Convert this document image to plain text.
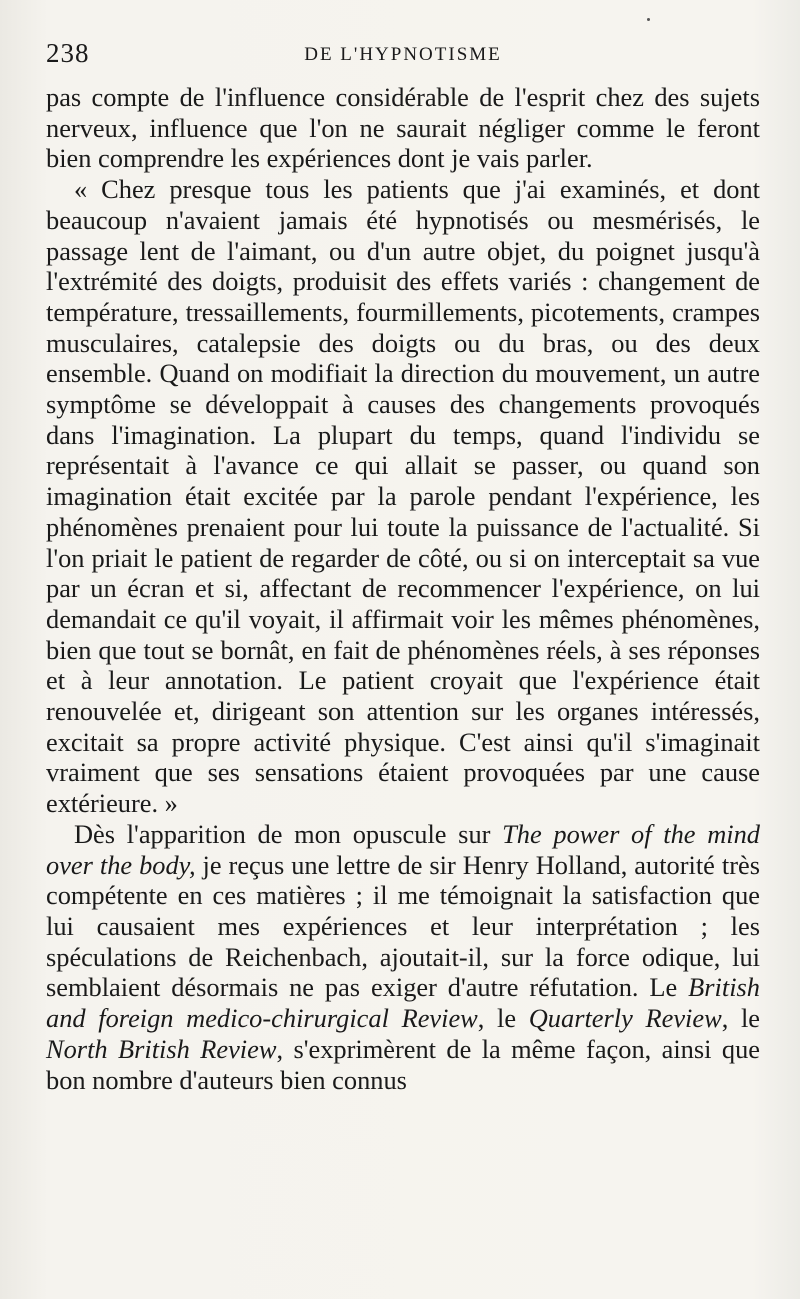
238	DE L'HYPNOTISME

pas compte de l'influence considérable de l'esprit chez des sujets nerveux, influence que l'on ne saurait négliger comme le feront bien comprendre les expériences dont je vais parler.

« Chez presque tous les patients que j'ai examinés, et dont beaucoup n'avaient jamais été hypnotisés ou mesmérisés, le passage lent de l'aimant, ou d'un autre objet, du poignet jusqu'à l'extrémité des doigts, produisit des effets variés : changement de température, tressaillements, fourmillements, picotements, crampes musculaires, catalepsie des doigts ou du bras, ou des deux ensemble. Quand on modifiait la direction du mouvement, un autre symptôme se développait à causes des changements provoqués dans l'imagination. La plupart du temps, quand l'individu se représentait à l'avance ce qui allait se passer, ou quand son imagination était excitée par la parole pendant l'expérience, les phénomènes prenaient pour lui toute la puissance de l'actualité. Si l'on priait le patient de regarder de côté, ou si on interceptait sa vue par un écran et si, affectant de recommencer l'expérience, on lui demandait ce qu'il voyait, il affirmait voir les mêmes phénomènes, bien que tout se bornât, en fait de phénomènes réels, à ses réponses et à leur annotation. Le patient croyait que l'expérience était renouvelée et, dirigeant son attention sur les organes intéressés, excitait sa propre activité physique. C'est ainsi qu'il s'imaginait vraiment que ses sensations étaient provoquées par une cause extérieure. »

Dès l'apparition de mon opuscule sur The power of the mind over the body, je reçus une lettre de sir Henry Holland, autorité très compétente en ces matières ; il me témoignait la satisfaction que lui causaient mes expériences et leur interprétation ; les spéculations de Reichenbach, ajoutait-il, sur la force odique, lui semblaient désormais ne pas exiger d'autre réfutation. Le British and foreign medico-chirurgical Review, le Quarterly Review, le North British Review, s'exprimèrent de la même façon, ainsi que bon nombre d'auteurs bien connus
